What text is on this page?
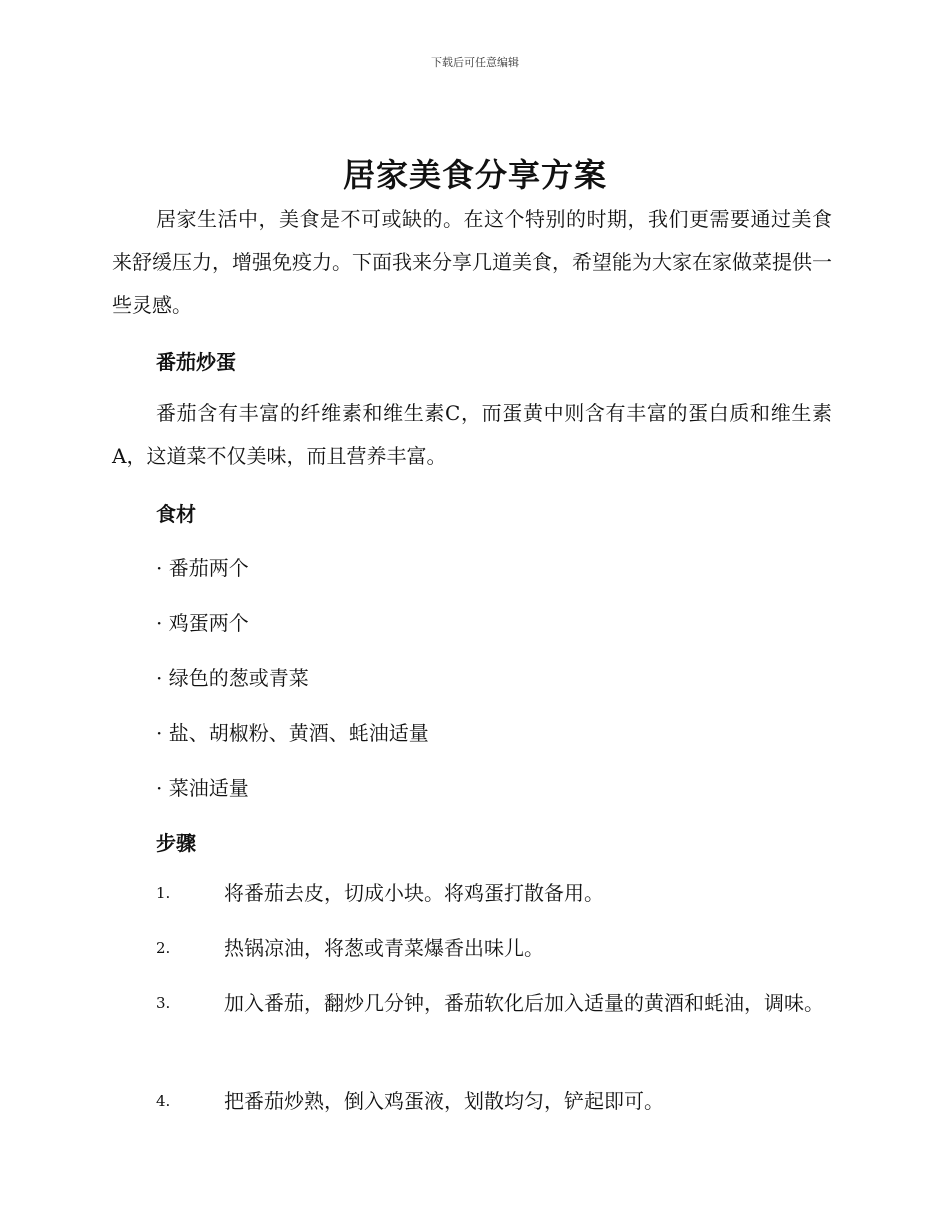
下载后可任意编辑
居家美食分享方案
居家生活中，美食是不可或缺的。在这个特别的时期，我们更需要通过美食来舒缓压力，增强免疫力。下面我来分享几道美食，希望能为大家在家做菜提供一些灵感。
番茄炒蛋
番茄含有丰富的纤维素和维生素C，而蛋黄中则含有丰富的蛋白质和维生素A，这道菜不仅美味，而且营养丰富。
食材
· 番茄两个
· 鸡蛋两个
· 绿色的葱或青菜
· 盐、胡椒粉、黄酒、蚝油适量
· 菜油适量
步骤
1.	将番茄去皮，切成小块。将鸡蛋打散备用。
2.	热锅凉油，将葱或青菜爆香出味儿。
3.	加入番茄，翻炒几分钟，番茄软化后加入适量的黄酒和蚝油，调味。
4.	把番茄炒熟，倒入鸡蛋液，划散均匀，铲起即可。
